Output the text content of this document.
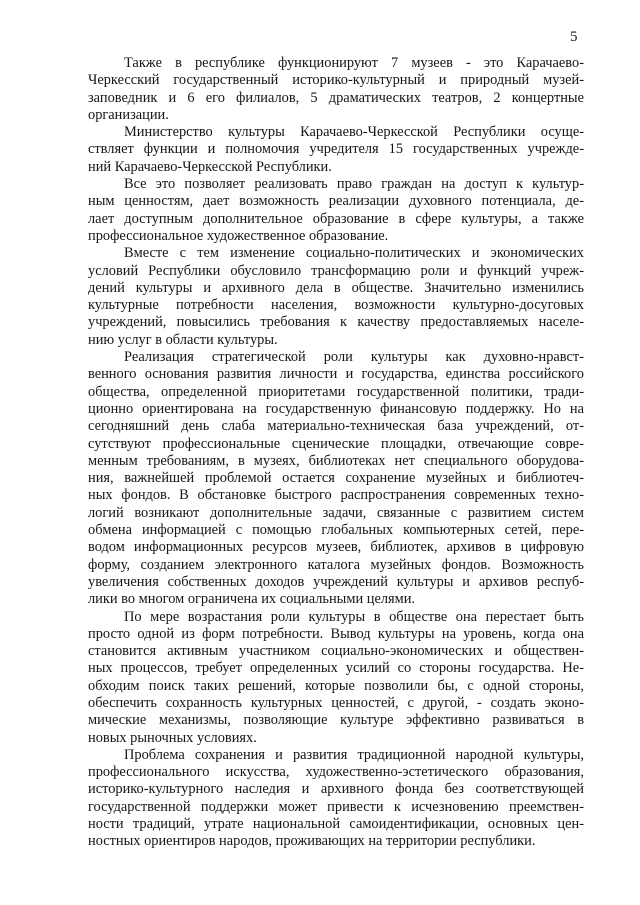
5
Также в республике функционируют 7 музеев - это Карачаево-
Черкесский государственный историко-культурный и природный музей-
заповедник и 6 его филиалов, 5 драматических театров, 2 концертные
организации.
Министерство культуры Карачаево-Черкесской Республики осуще-
ствляет функции и полномочия учредителя 15 государственных учрежде-
ний Карачаево-Черкесской Республики.
Все это позволяет реализовать право граждан на доступ к культур-
ным ценностям, дает возможность реализации духовного потенциала, де-
лает доступным дополнительное образование в сфере культуры, а также
профессиональное художественное образование.
Вместе с тем изменение социально-политических и экономических
условий Республики обусловило трансформацию роли и функций учреж-
дений культуры и архивного дела в обществе. Значительно изменились
культурные потребности населения, возможности культурно-досуговых
учреждений, повысились требования к качеству предоставляемых населе-
нию услуг в области культуры.
Реализация стратегической роли культуры как духовно-нравст-
венного основания развития личности и государства, единства российского
общества, определенной приоритетами государственной политики, тради-
ционно ориентирована на государственную финансовую поддержку. Но на
сегодняшний день слаба материально-техническая база учреждений, от-
сутствуют профессиональные сценические площадки, отвечающие совре-
менным требованиям, в музеях, библиотеках нет специального оборудова-
ния, важнейшей проблемой остается сохранение музейных и библиотеч-
ных фондов. В обстановке быстрого распространения современных техно-
логий возникают дополнительные задачи, связанные с развитием систем
обмена информацией с помощью глобальных компьютерных сетей, пере-
водом информационных ресурсов музеев, библиотек, архивов в цифровую
форму, созданием электронного каталога музейных фондов. Возможность
увеличения собственных доходов учреждений культуры и архивов респуб-
лики во многом ограничена их социальными целями.
По мере возрастания роли культуры в обществе она перестает быть
просто одной из форм потребности. Вывод культуры на уровень, когда она
становится активным участником социально-экономических и обществен-
ных процессов, требует определенных усилий со стороны государства. Не-
обходим поиск таких решений, которые позволили бы, с одной стороны,
обеспечить сохранность культурных ценностей, с другой, - создать эконо-
мические механизмы, позволяющие культуре эффективно развиваться в
новых рыночных условиях.
Проблема сохранения и развития традиционной народной культуры,
профессионального искусства, художественно-эстетического образования,
историко-культурного наследия и архивного фонда без соответствующей
государственной поддержки может привести к исчезновению преемствен-
ности традиций, утрате национальной самоидентификации, основных цен-
ностных ориентиров народов, проживающих на территории республики.
